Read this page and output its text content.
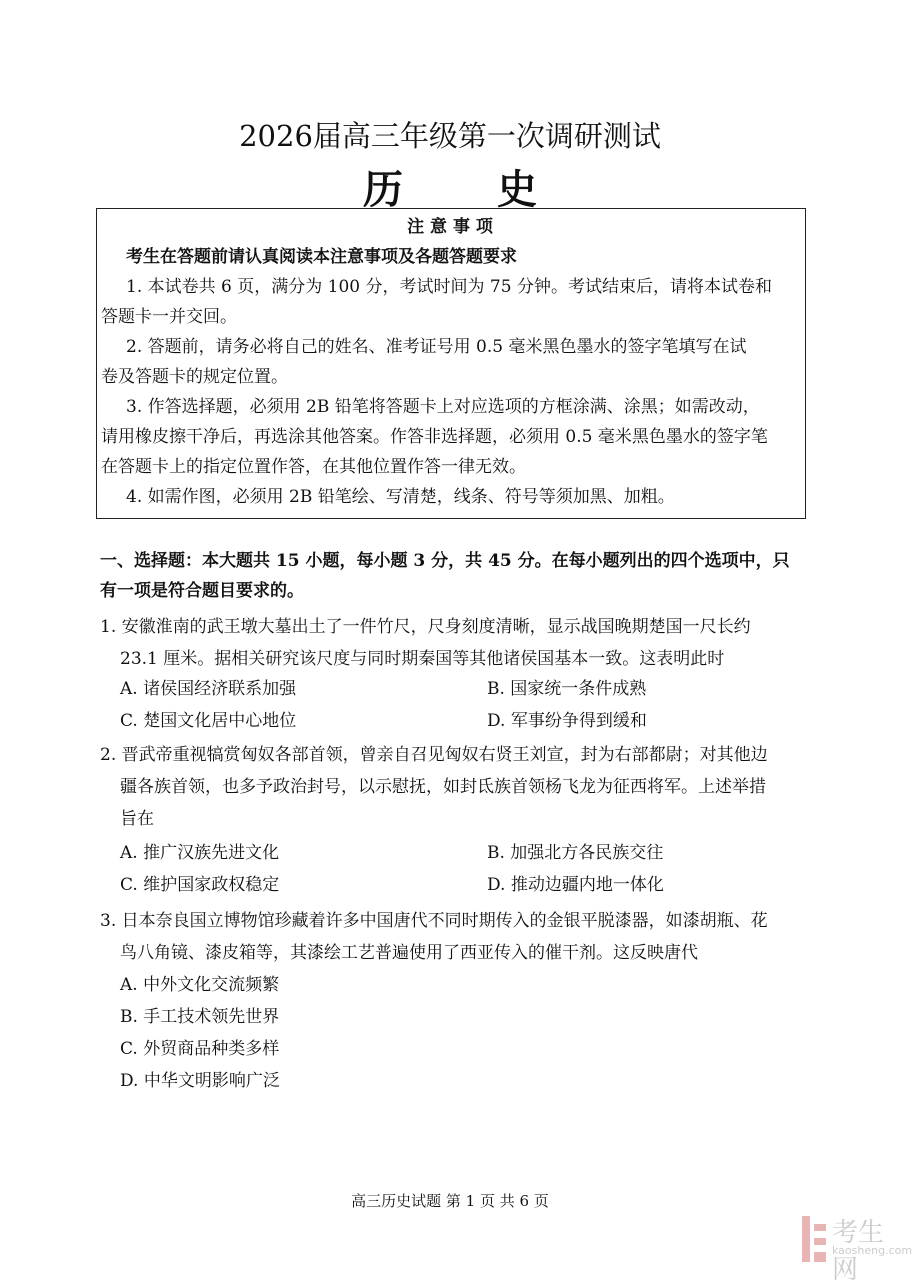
2026届高三年级第一次调研测试
历 史
注 意 事 项
考生在答题前请认真阅读本注意事项及各题答题要求
1. 本试卷共 6 页，满分为 100 分，考试时间为 75 分钟。考试结束后，请将本试卷和
答题卡一并交回。
2. 答题前，请务必将自己的姓名、准考证号用 0.5 毫米黑色墨水的签字笔填写在试
卷及答题卡的规定位置。
3. 作答选择题，必须用 2B 铅笔将答题卡上对应选项的方框涂满、涂黑；如需改动，
请用橡皮擦干净后，再选涂其他答案。作答非选择题，必须用 0.5 毫米黑色墨水的签字笔
在答题卡上的指定位置作答，在其他位置作答一律无效。
4. 如需作图，必须用 2B 铅笔绘、写清楚，线条、符号等须加黑、加粗。
一、选择题：本大题共 15 小题，每小题 3 分，共 45 分。在每小题列出的四个选项中，只
有一项是符合题目要求的。
1. 安徽淮南的武王墩大墓出土了一件竹尺，尺身刻度清晰，显示战国晚期楚国一尺长约
23.1 厘米。据相关研究该尺度与同时期秦国等其他诸侯国基本一致。这表明此时
A. 诸侯国经济联系加强	B. 国家统一条件成熟
C. 楚国文化居中心地位	D. 军事纷争得到缓和
2. 晋武帝重视犒赏匈奴各部首领，曾亲自召见匈奴右贤王刘宣，封为右部都尉；对其他边
疆各族首领，也多予政治封号，以示慰抚，如封氐族首领杨飞龙为征西将军。上述举措
旨在
A. 推广汉族先进文化	B. 加强北方各民族交往
C. 维护国家政权稳定	D. 推动边疆内地一体化
3. 日本奈良国立博物馆珍藏着许多中国唐代不同时期传入的金银平脱漆器，如漆胡瓶、花
鸟八角镜、漆皮箱等，其漆绘工艺普遍使用了西亚传入的催干剂。这反映唐代
A. 中外文化交流频繁
B. 手工技术领先世界
C. 外贸商品种类多样
D. 中华文明影响广泛
高三历史试题 第 1 页 共 6 页
考生网
kaosheng.com
